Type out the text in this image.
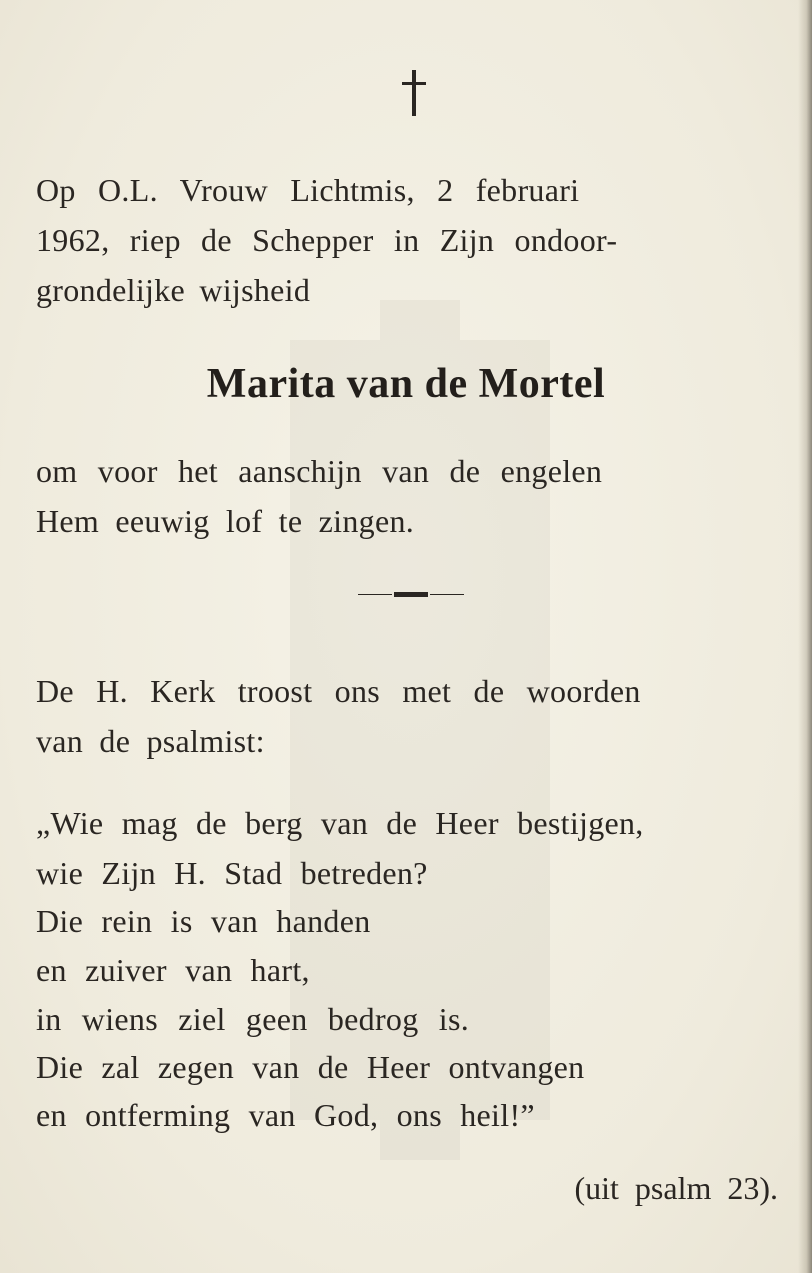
Op O.L. Vrouw Lichtmis, 2 februari

1962, riep de Schepper in Zijn ondoor-

grondelijke wijsheid

Marita van de Mortel

om voor het aanschijn van de engelen

Hem eeuwig lof te zingen.

De H. Kerk troost ons met de woorden

van de psalmist:

„Wie mag de berg van de Heer bestijgen,

wie Zijn H. Stad betreden?

Die rein is van handen

en zuiver van hart,

in wiens ziel geen bedrog is.

Die zal zegen van de Heer ontvangen

en ontferming van God, ons heil!”

(uit psalm 23).
